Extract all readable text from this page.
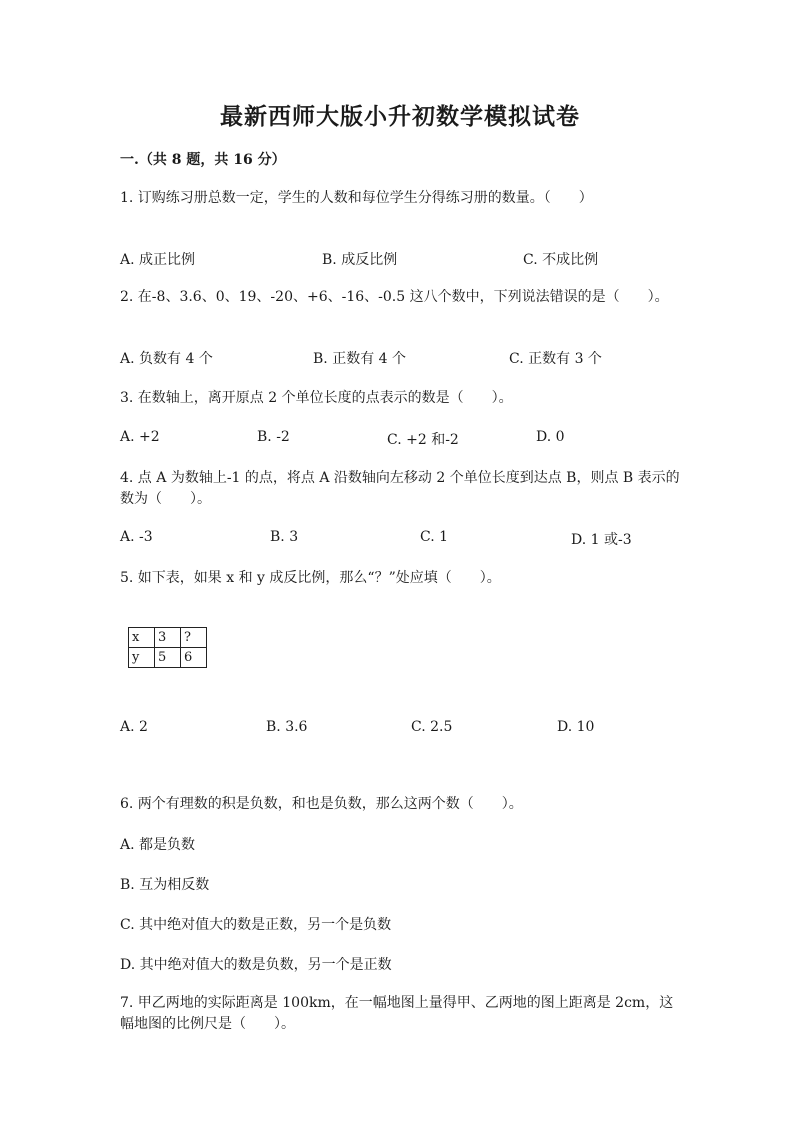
最新西师大版小升初数学模拟试卷
一.（共 8 题，共 16 分）
1. 订购练习册总数一定，学生的人数和每位学生分得练习册的数量。（　　）
A. 成正比例	B. 成反比例	C. 不成比例
2. 在-8、3.6、0、19、-20、+6、-16、-0.5 这八个数中，下列说法错误的是（　　）。
A. 负数有 4 个	B. 正数有 4 个	C. 正数有 3 个
3. 在数轴上，离开原点 2 个单位长度的点表示的数是（　　）。
A. +2	B. -2	C. +2 和-2	D. 0
4. 点 A 为数轴上-1 的点，将点 A 沿数轴向左移动 2 个单位长度到达点 B，则点 B 表示的数为（　　）。
A. -3	B. 3	C. 1	D. 1 或-3
5. 如下表，如果 x 和 y 成反比例，那么“？”处应填（　　）。
x	3	?
y	5	6
A. 2	B. 3.6	C. 2.5	D. 10
6. 两个有理数的积是负数，和也是负数，那么这两个数（　　）。
A. 都是负数
B. 互为相反数
C. 其中绝对值大的数是正数，另一个是负数
D. 其中绝对值大的数是负数，另一个是正数
7. 甲乙两地的实际距离是 100km，在一幅地图上量得甲、乙两地的图上距离是 2cm，这幅地图的比例尺是（　　）。
